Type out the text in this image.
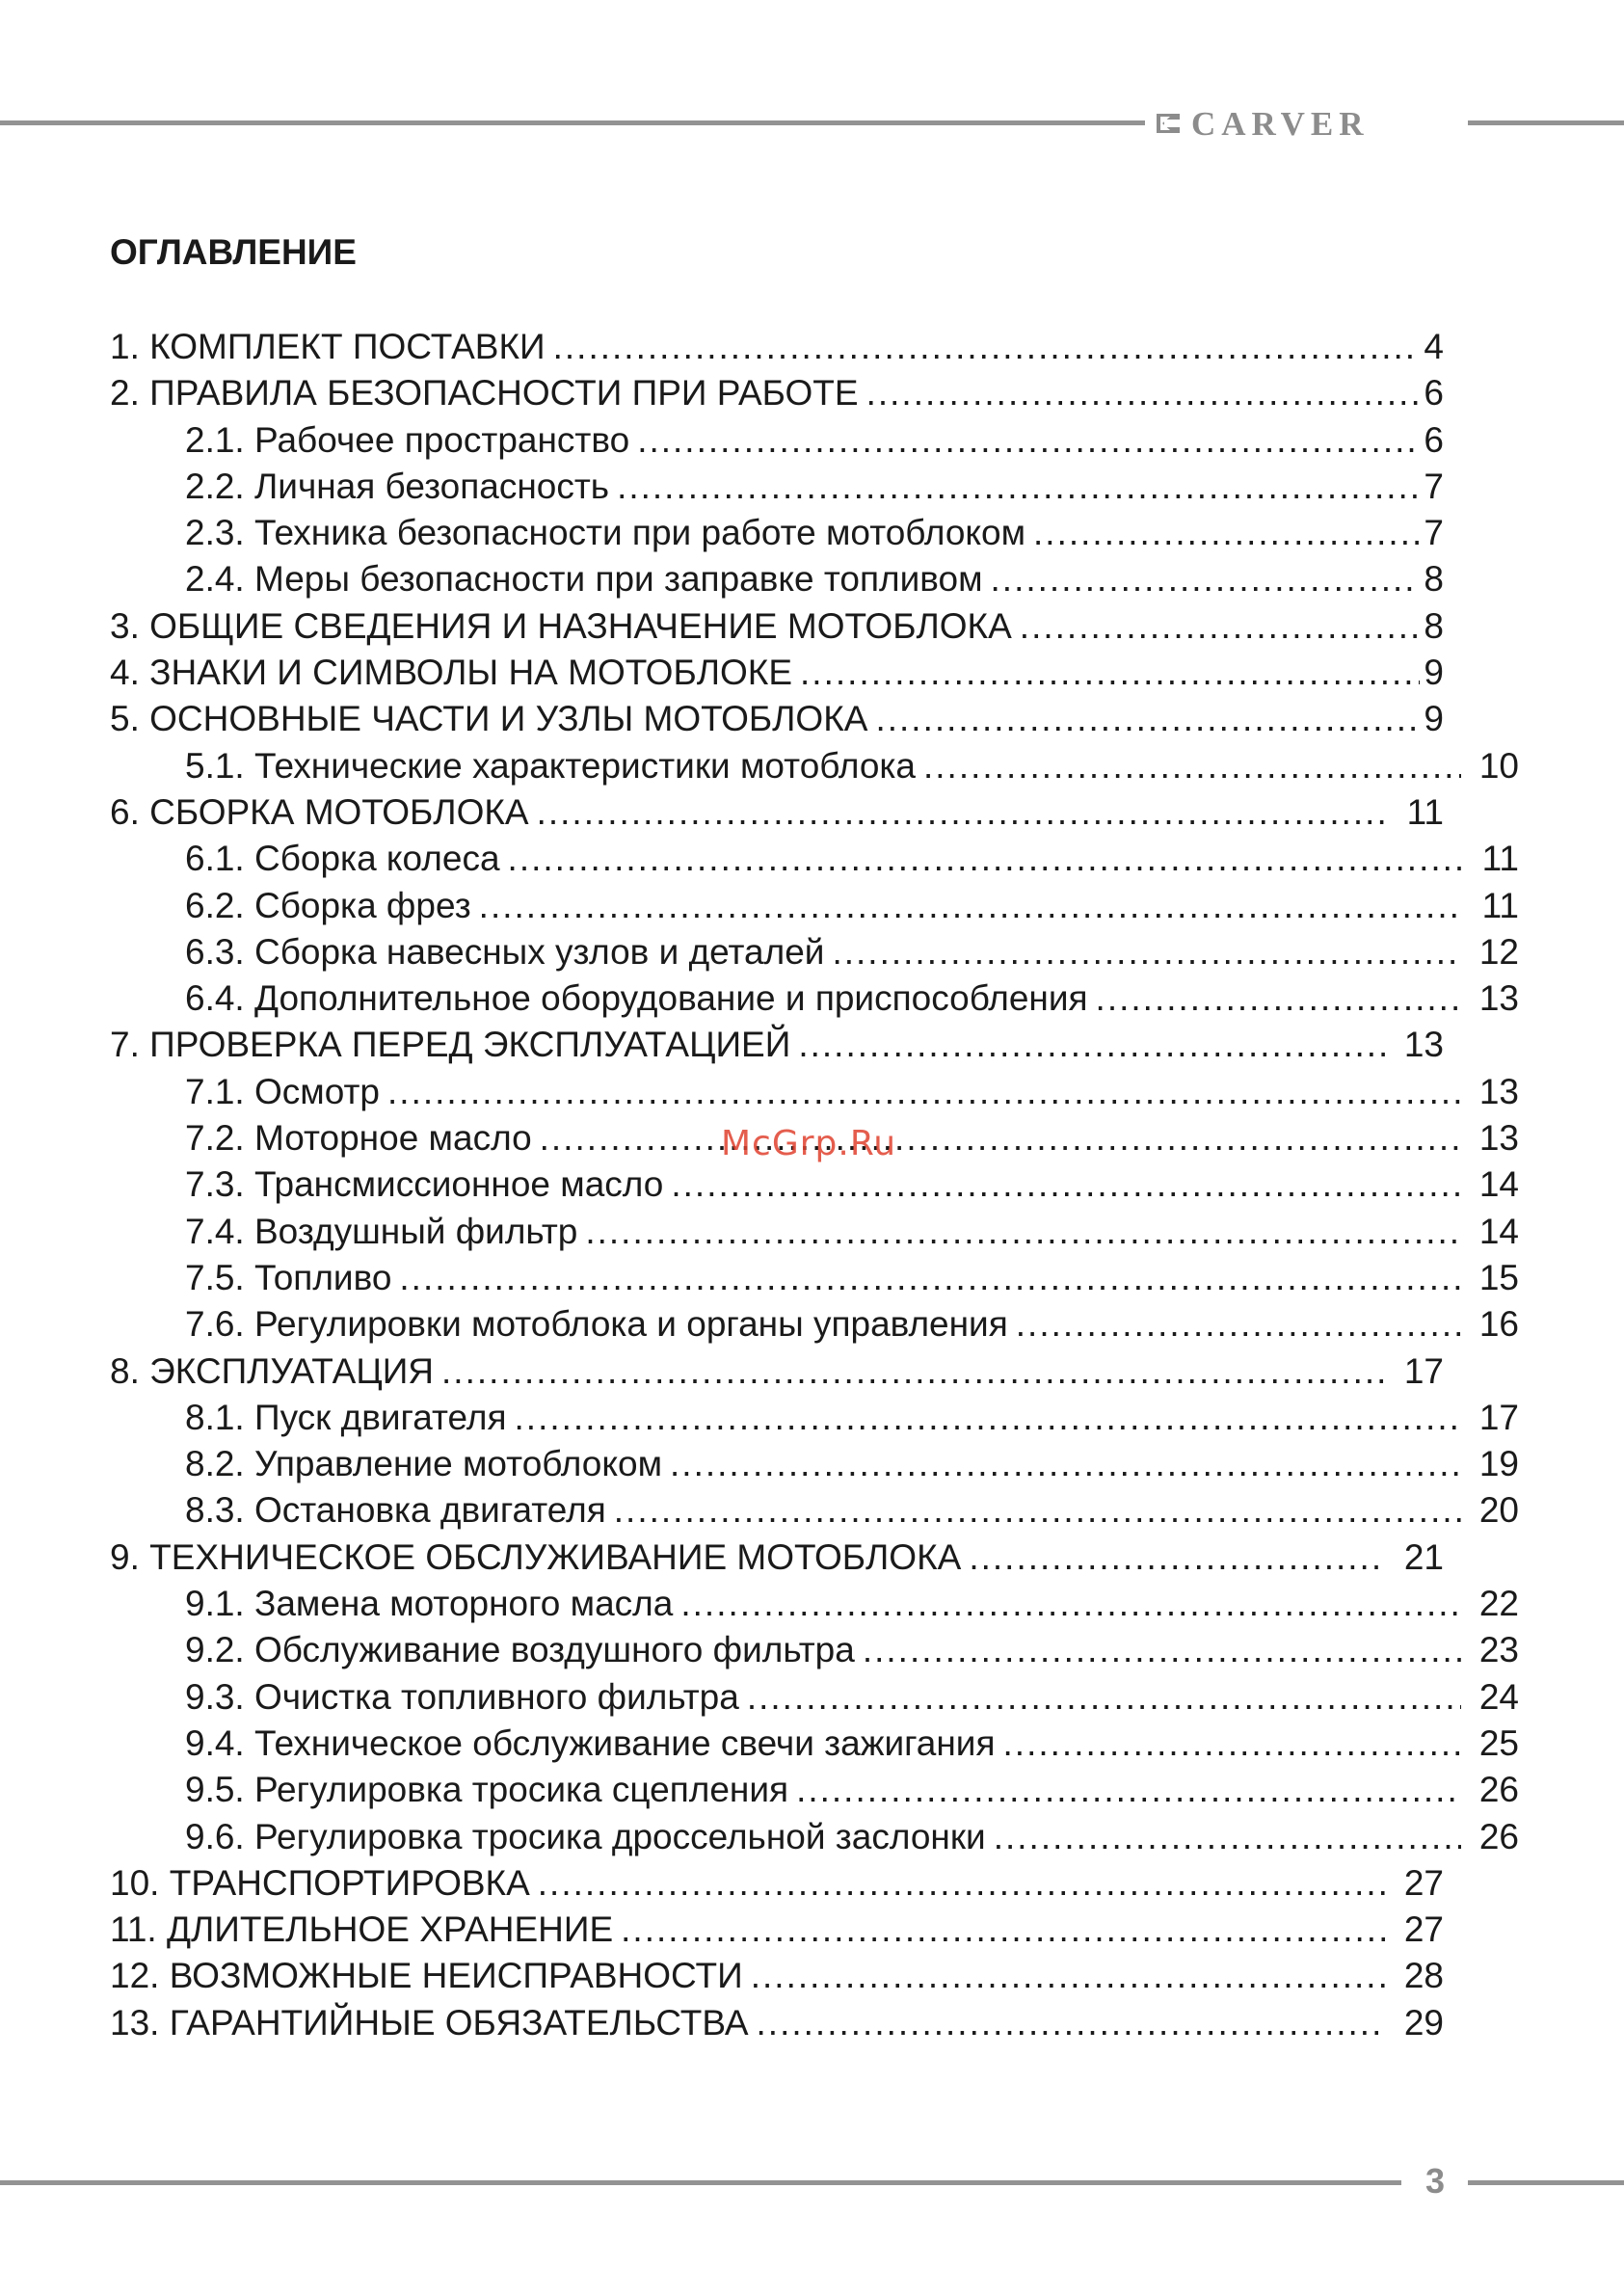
CARVER
ОГЛАВЛЕНИЕ
1. КОМПЛЕКТ ПОСТАВКИ .....	4
2. ПРАВИЛА БЕЗОПАСНОСТИ ПРИ РАБОТЕ .....	6
2.1. Рабочее пространство .....	6
2.2. Личная безопасность .....	7
2.3. Техника безопасности при работе мотоблоком .....	7
2.4. Меры безопасности при заправке топливом .....	8
3. ОБЩИЕ СВЕДЕНИЯ И НАЗНАЧЕНИЕ МОТОБЛОКА .....	8
4. ЗНАКИ И СИМВОЛЫ НА МОТОБЛОКЕ .....	9
5. ОСНОВНЫЕ ЧАСТИ И УЗЛЫ МОТОБЛОКА .....	9
5.1. Технические характеристики мотоблока .....	10
6. СБОРКА МОТОБЛОКА .....	11
6.1. Сборка колеса .....	11
6.2. Сборка фрез .....	11
6.3. Сборка навесных узлов и деталей .....	12
6.4. Дополнительное оборудование и приспособления .....	13
7. ПРОВЕРКА ПЕРЕД ЭКСПЛУАТАЦИЕЙ .....	13
7.1. Осмотр .....	13
7.2. Моторное масло .....	13
7.3. Трансмиссионное масло .....	14
7.4. Воздушный фильтр .....	14
7.5. Топливо .....	15
7.6. Регулировки мотоблока и органы управления .....	16
8. ЭКСПЛУАТАЦИЯ .....	17
8.1. Пуск двигателя .....	17
8.2. Управление мотоблоком .....	19
8.3. Остановка двигателя .....	20
9. ТЕХНИЧЕСКОЕ ОБСЛУЖИВАНИЕ МОТОБЛОКА .....	21
9.1. Замена моторного масла .....	22
9.2. Обслуживание воздушного фильтра .....	23
9.3. Очистка топливного фильтра .....	24
9.4. Техническое обслуживание свечи зажигания .....	25
9.5. Регулировка тросика сцепления .....	26
9.6. Регулировка тросика дроссельной заслонки .....	26
10. ТРАНСПОРТИРОВКА .....	27
11. ДЛИТЕЛЬНОЕ ХРАНЕНИЕ .....	27
12. ВОЗМОЖНЫЕ НЕИСПРАВНОСТИ .....	28
13. ГАРАНТИЙНЫЕ ОБЯЗАТЕЛЬСТВА .....	29
McGrp.Ru
3
